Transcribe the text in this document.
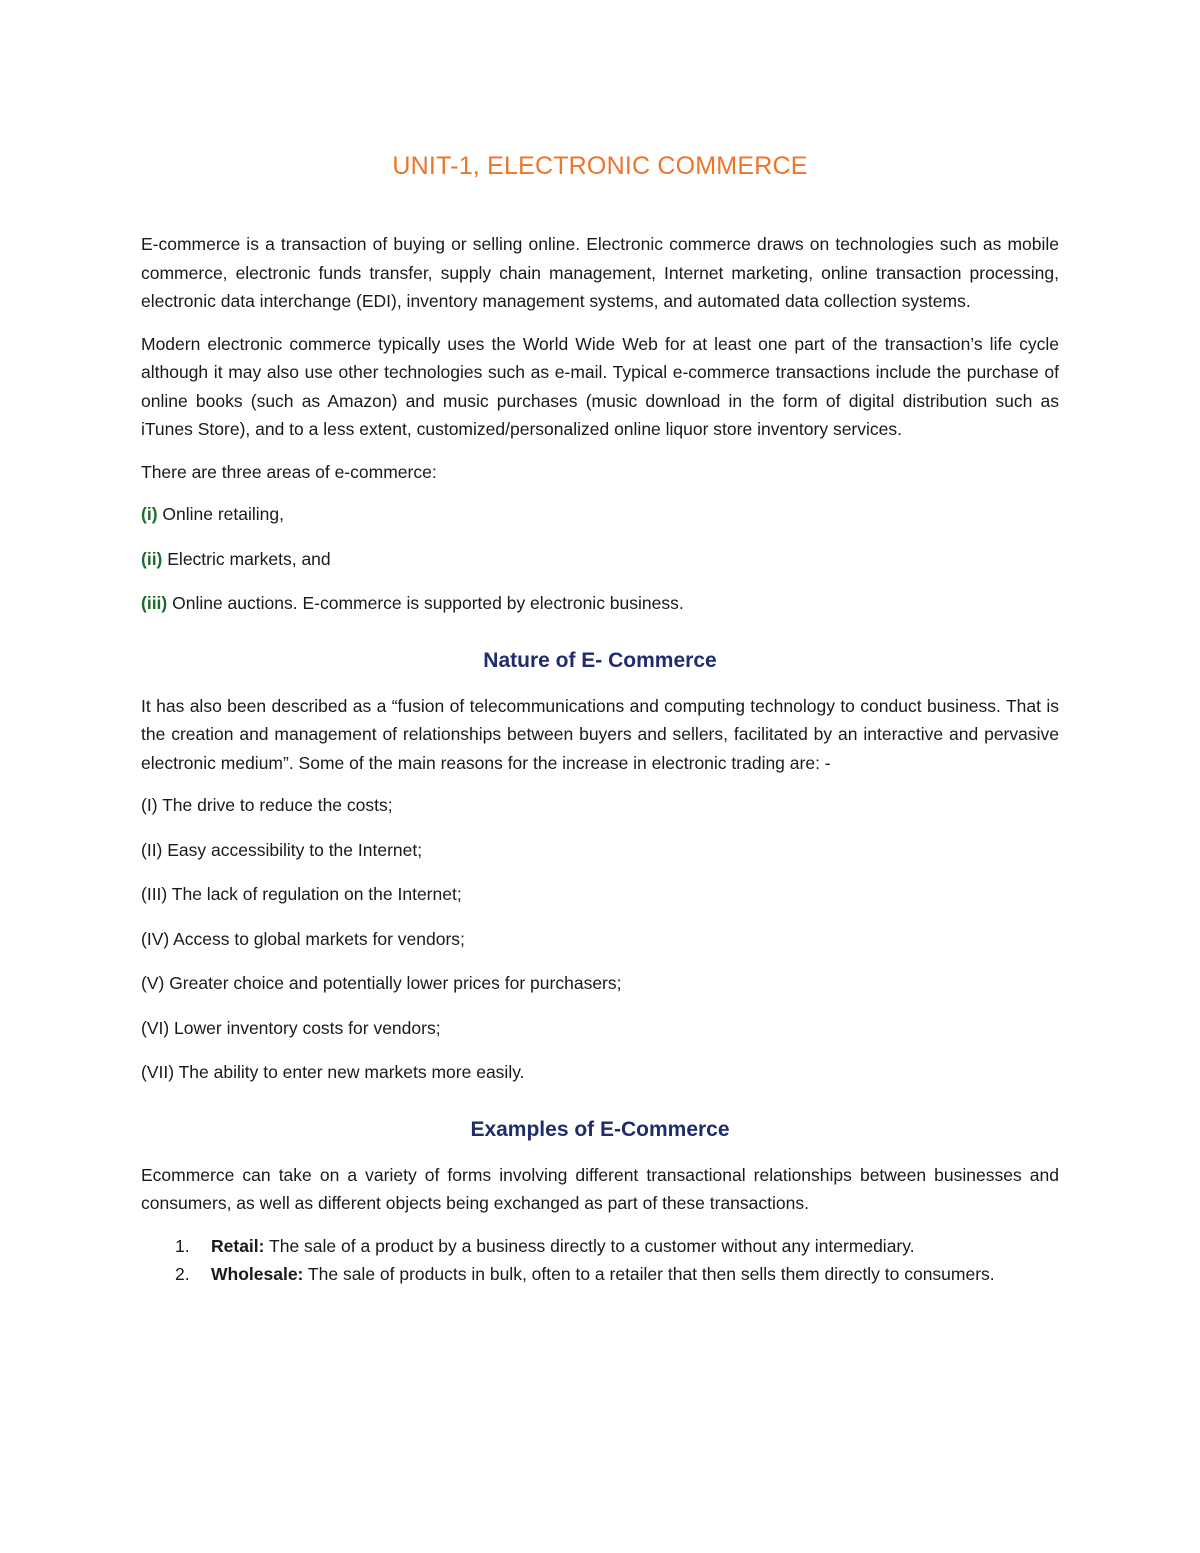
UNIT-1, ELECTRONIC COMMERCE

E-commerce is a transaction of buying or selling online. Electronic commerce draws on technologies such as mobile commerce, electronic funds transfer, supply chain management, Internet marketing, online transaction processing, electronic data interchange (EDI), inventory management systems, and automated data collection systems.

Modern electronic commerce typically uses the World Wide Web for at least one part of the transaction’s life cycle although it may also use other technologies such as e-mail. Typical e-commerce transactions include the purchase of online books (such as Amazon) and music purchases (music download in the form of digital distribution such as iTunes Store), and to a less extent, customized/personalized online liquor store inventory services.

There are three areas of e-commerce:

(i) Online retailing,

(ii) Electric markets, and

(iii) Online auctions. E-commerce is supported by electronic business.

Nature of E- Commerce

It has also been described as a “fusion of telecommunications and computing technology to conduct business. That is the creation and management of relationships between buyers and sellers, facilitated by an interactive and pervasive electronic medium”. Some of the main reasons for the increase in electronic trading are: -

(I) The drive to reduce the costs;

(II) Easy accessibility to the Internet;

(III) The lack of regulation on the Internet;

(IV) Access to global markets for vendors;

(V) Greater choice and potentially lower prices for purchasers;

(VI) Lower inventory costs for vendors;

(VII) The ability to enter new markets more easily.

Examples of E-Commerce

Ecommerce can take on a variety of forms involving different transactional relationships between businesses and consumers, as well as different objects being exchanged as part of these transactions.

1. Retail: The sale of a product by a business directly to a customer without any intermediary.
2. Wholesale: The sale of products in bulk, often to a retailer that then sells them directly to consumers.
